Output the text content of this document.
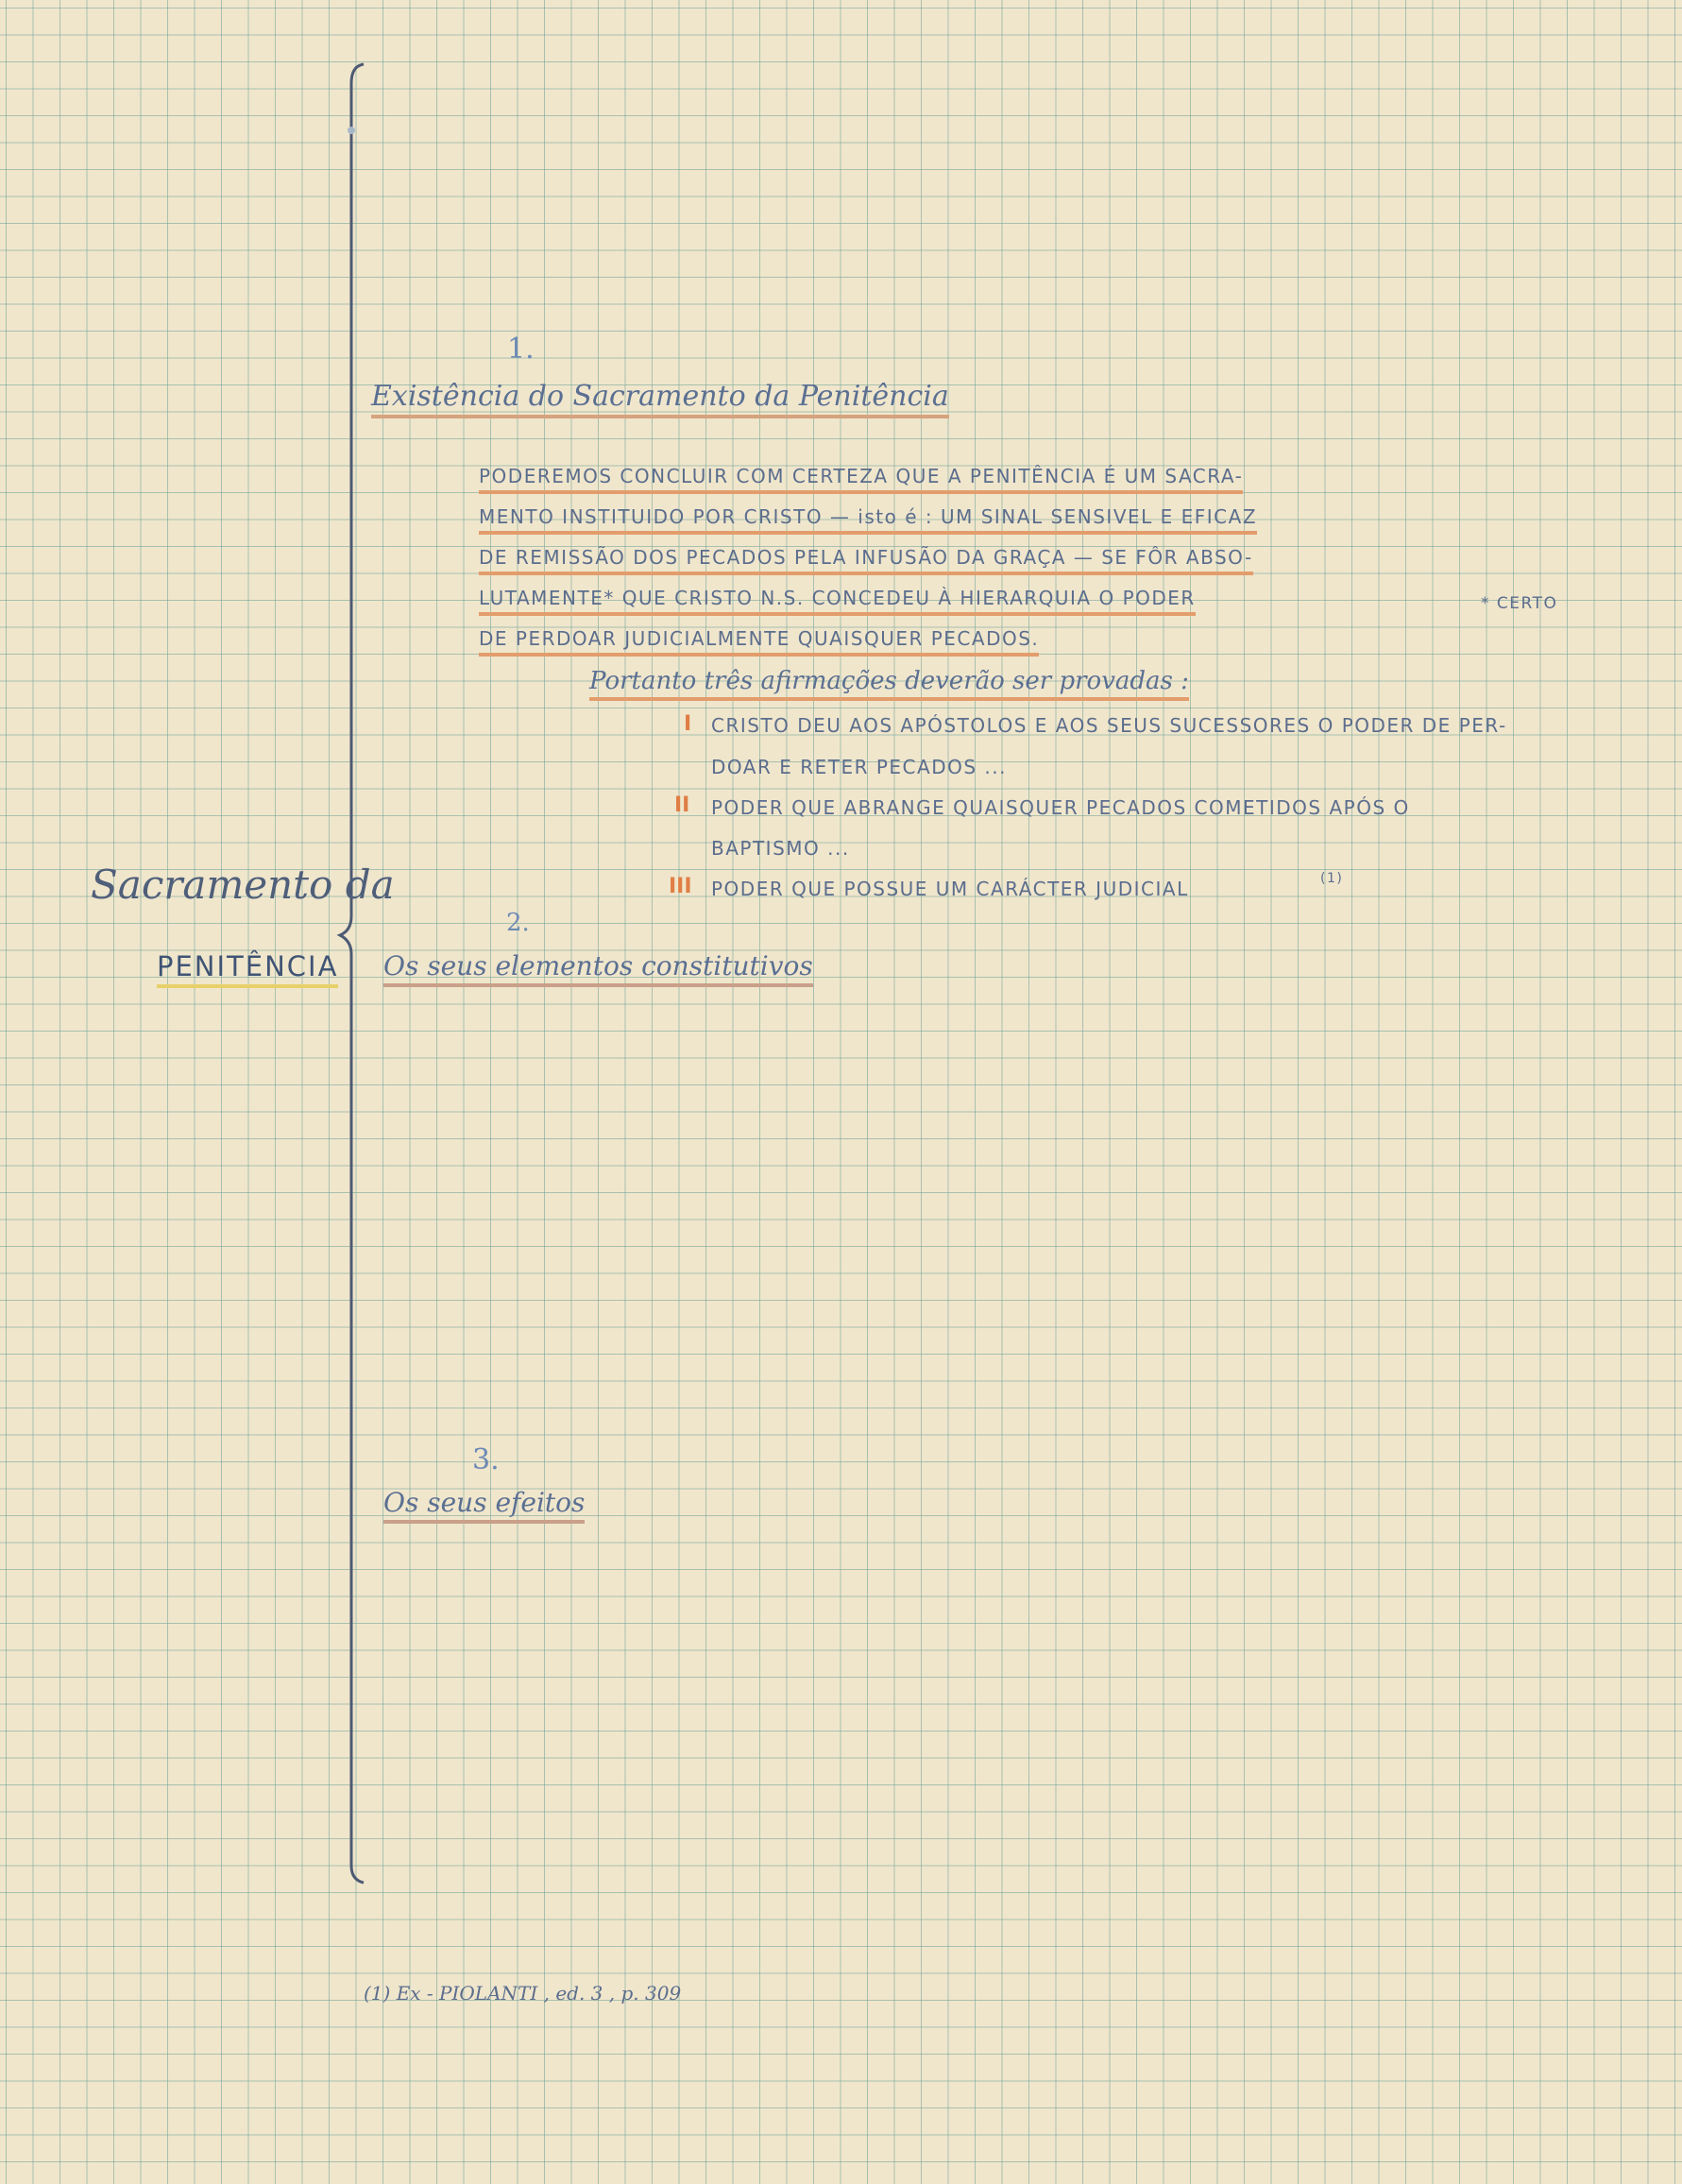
Sacramento da
PENITÊNCIA
1.
Existência do Sacramento da Penitência
PODEREMOS CONCLUIR COM CERTEZA QUE A PENITÊNCIA É UM SACRA-
MENTO INSTITUIDO POR CRISTO — isto é : UM SINAL SENSIVEL E EFICAZ
DE REMISSÃO DOS PECADOS PELA INFUSÃO DA GRAÇA — SE FÔR ABSO-
LUTAMENTE* QUE CRISTO N.S. CONCEDEU À HIERARQUIA O PODER
DE PERDOAR JUDICIALMENTE QUAISQUER PECADOS.
* CERTO
Portanto três afirmações deverão ser provadas :
I CRISTO DEU AOS APÓSTOLOS E AOS SEUS SUCESSORES O PODER DE PER-
DOAR E RETER PECADOS ...
II PODER QUE ABRANGE QUAISQUER PECADOS COMETIDOS APÓS O
BAPTISMO ...
III PODER QUE POSSUE UM CARÁCTER JUDICIAL	(1)
2.
Os seus elementos constitutivos
3.
Os seus efeitos
(1) Ex - PIOLANTI , ed. 3 , p. 309
